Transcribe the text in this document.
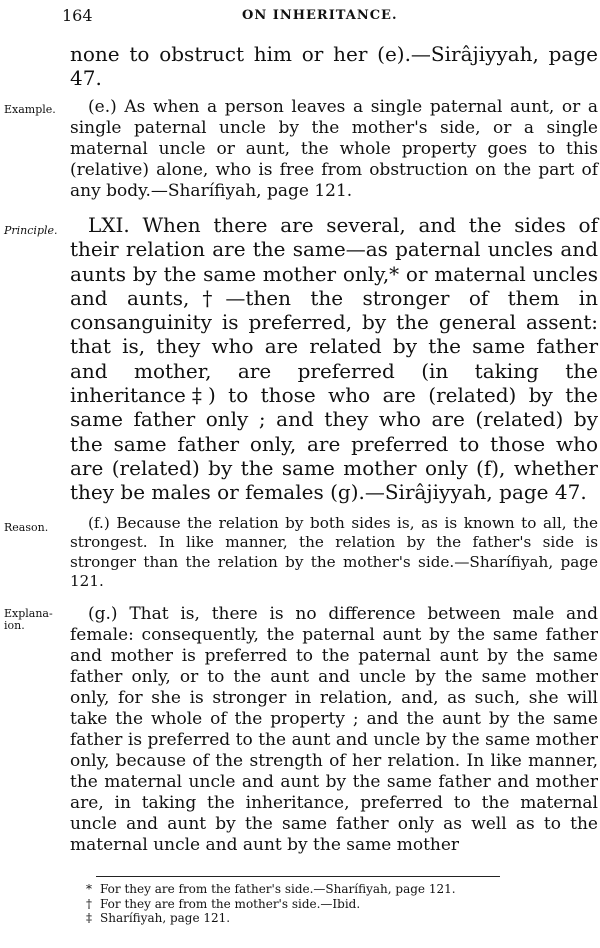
164	ON INHERITANCE.

none to obstruct him or her (e).—Sirâjiyyah, page 47.

Example.	(e.) As when a person leaves a single paternal aunt, or a single paternal uncle by the mother's side, or a single maternal uncle or aunt, the whole property goes to this (relative) alone, who is free from obstruction on the part of any body.—Sharífiyah, page 121.

Principle.	LXI. When there are several, and the sides of their relation are the same—as paternal uncles and aunts by the same mother only,* or maternal uncles and aunts,†—then the stronger of them in consanguinity is preferred, by the general assent: that is, they who are related by the same father and mother, are preferred (in taking the inheritance‡) to those who are (related) by the same father only ; and they who are (related) by the same father only, are preferred to those who are (related) by the same mother only (f), whether they be males or females (g).—Sirâjiyyah, page 47.

Reason.	(f.) Because the relation by both sides is, as is known to all, the strongest. In like manner, the relation by the father's side is stronger than the relation by the mother's side.—Sharífiyah, page 121.

Explana-
ion.

(g.) That is, there is no difference between male and female: consequently, the paternal aunt by the same father and mother is preferred to the paternal aunt by the same father only, or to the aunt and uncle by the same mother only, for she is stronger in relation, and, as such, she will take the whole of the property ; and the aunt by the same father is preferred to the aunt and uncle by the same mother only, because of the strength of her relation. In like manner, the maternal uncle and aunt by the same father and mother are, in taking the inheritance, preferred to the maternal uncle and aunt by the same father only as well as to the maternal uncle and aunt by the same mother

* For they are from the father's side.—Sharífiyah, page 121.
† For they are from the mother's side.—Ibid.
‡ Sharífiyah, page 121.
